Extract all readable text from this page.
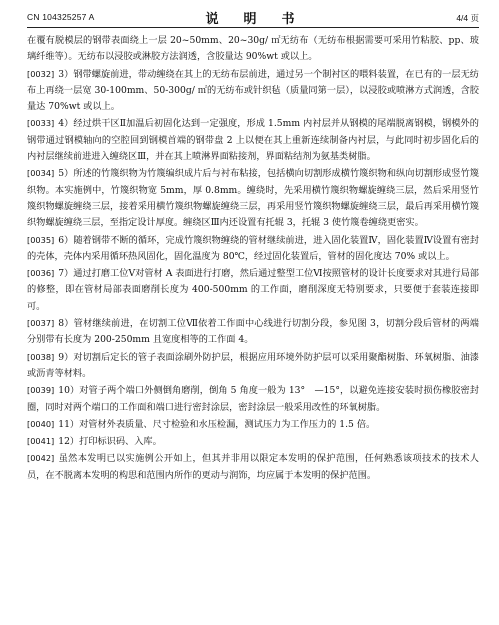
CN 104325257 A	说　明　书	4/4 页

在覆有脱模层的钢带表面绕上一层 20~50mm、20~30g/ ㎡无纺布（无纺布根据需要可采用竹粘胶、pp、玻璃纤维等）。无纺布以浸胶或淋胶方法润透，含胶量达 90%wt 或以上。

[0032] 3）钢带螺旋前进，带动缠绕在其上的无纺布层前进，通过另一个制衬区的喂料装置，在已有的一层无纺布上再绕一层宽 30-100mm、50-300g/ ㎡的无纺布或针织毡（质量同第一层），以浸胶或喷淋方式润透，含胶量达 70%wt 或以上。

[0033] 4）经过烘干区Ⅱ加温后初固化达到一定强度，形成 1.5mm 内衬层并从钢模的尾端脱离钢模，钢模外的钢带通过钢模轴向的空腔回到钢模首端的钢带盘 2 上以便在其上重新连续制备内衬层，与此同时初步固化后的内衬层继续前进进入缠绕区Ⅲ，并在其上喷淋界面粘接剂，界面粘结剂为氨基类树脂。

[0034] 5）所述的竹篾织物为竹篾编织成片后与衬布粘接，包括横向切割形成横竹篾织物和纵向切割形成竖竹篾织物。本实施例中，竹篾织物宽 5mm，厚 0.8mm。缠绕时，先采用横竹篾织物螺旋缠绕三层，然后采用竖竹篾织物螺旋缠绕三层，接着采用横竹篾织物螺旋缠绕三层，再采用竖竹篾织物螺旋缠绕三层，最后再采用横竹篾织物螺旋缠绕三层，至指定设计厚度。缠绕区Ⅲ内还设置有托辊 3，托辊 3 使竹篾卷缠绕更密实。

[0035] 6）随着钢带不断的循环，完成竹篾织物缠绕的管材继续前进，进入固化装置Ⅳ，固化装置Ⅳ设置有密封的壳体，壳体内采用循环热风固化，固化温度为 80℃，经过固化装置后，管材的固化度达 70% 或以上。

[0036] 7）通过打磨工位Ⅴ对管材 A 表面进行打磨，然后通过整型工位Ⅵ按照管材的设计长度要求对其进行局部的修整，即在管材局部表面磨削长度为 400-500mm 的工作面，磨削深度无特别要求，只要便于套装连接即可。

[0037] 8）管材继续前进，在切割工位Ⅶ依着工作面中心线进行切割分段，参见图 3，切割分段后管材的两端分别带有长度为 200-250mm 且宽度相等的工作面 4。

[0038] 9）对切割后定长的管子表面涂刷外防护层，根据应用环境外防护层可以采用聚酯树脂、环氧树脂、油漆或沥青等材料。

[0039] 10）对管子两个端口外侧倒角磨削，倒角 5 角度一般为 13°　—15°，以避免连接安装时损伤橡胶密封圈，同时对两个端口的工作面和端口进行密封涂层，密封涂层一般采用改性的环氧树脂。

[0040] 11）对管材外表质量、尺寸检验和水压检漏，测试压力为工作压力的 1.5 倍。

[0041] 12）打印标识码、入库。

[0042] 虽然本发明已以实施例公开如上，但其并非用以限定本发明的保护范围，任何熟悉该项技术的技术人员，在不脱离本发明的构思和范围内所作的更动与润饰，均应属于本发明的保护范围。
